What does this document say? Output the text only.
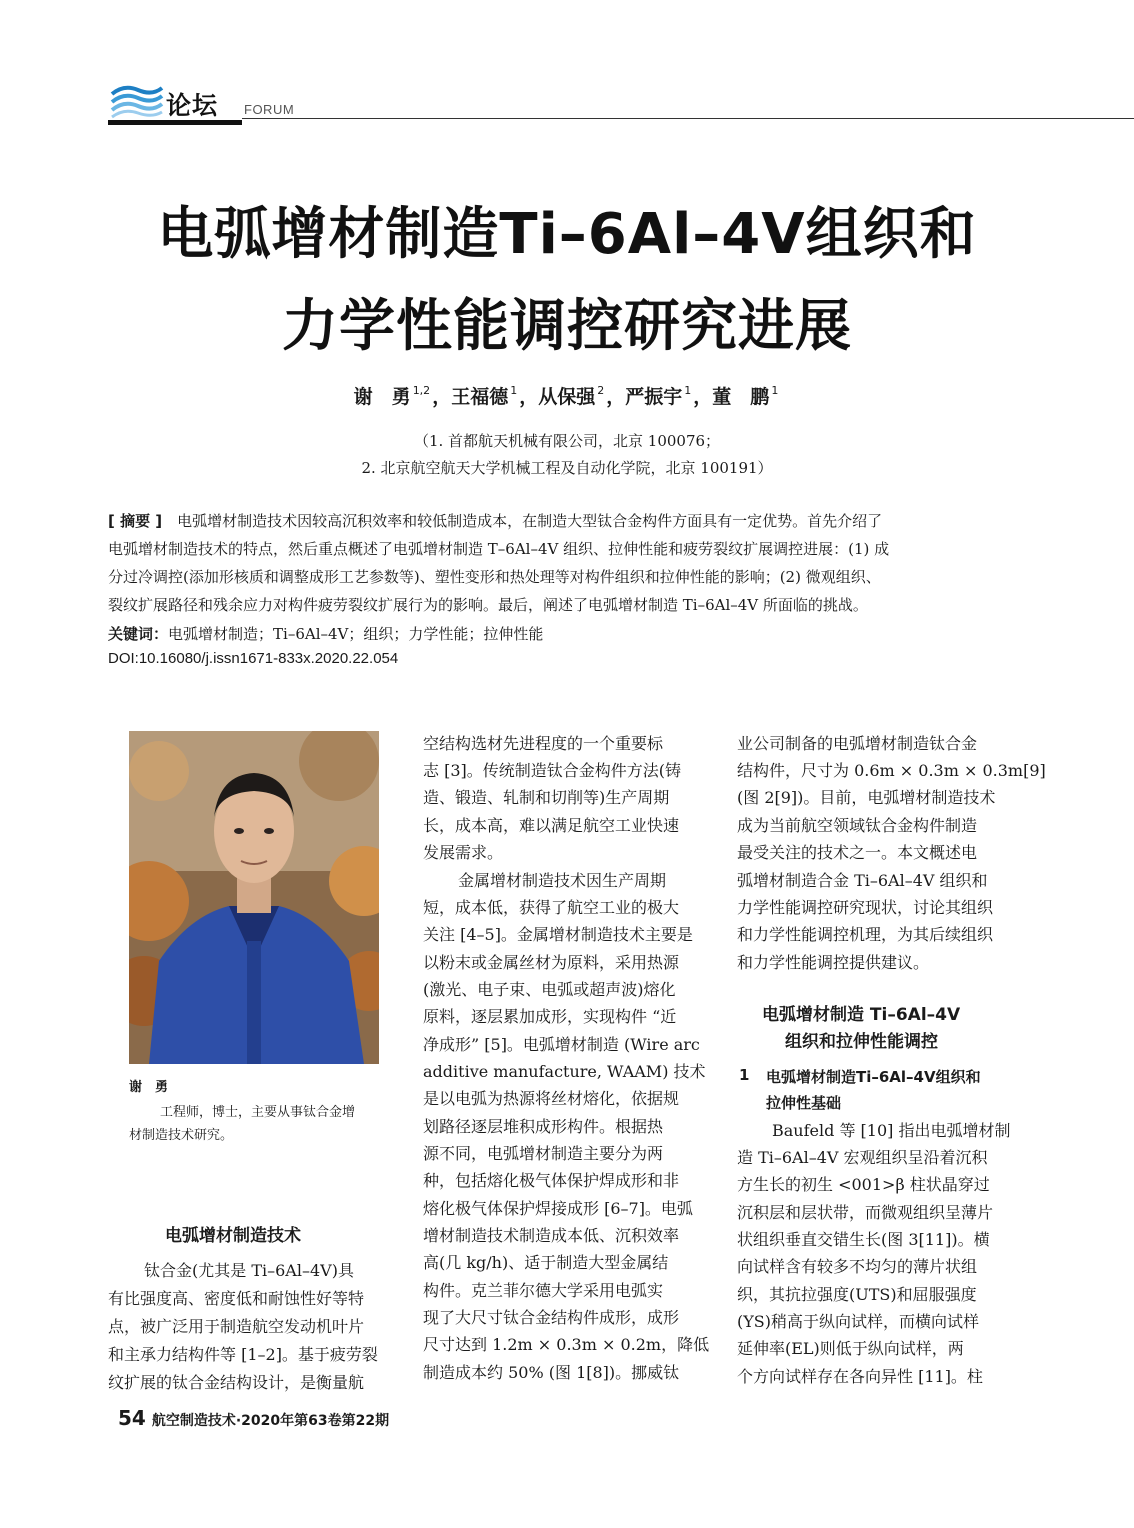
论坛 FORUM
电弧增材制造Ti–6Al–4V组织和
力学性能调控研究进展
谢　勇 $^{1,2}$ ，王福德 $^1$ ，从保强 $^2$ ，严振宇 $^1$ ，董　鹏 $^1$
（1. 首都航天机械有限公司，北京 100076；
2. 北京航空航天大学机械工程及自动化学院，北京 100191）
[ 摘要 ]　 电弧增材制造技术因较高沉积效率和较低制造成本，在制造大型钛合金构件方面具有一定优势。首先介绍了
电弧增材制造技术的特点，然后重点概述了电弧增材制造 T–6Al–4V 组织、拉伸性能和疲劳裂纹扩展调控进展：(1) 成
分过冷调控(添加形核质和调整成形工艺参数等)、塑性变形和热处理等对构件组织和拉伸性能的影响；(2) 微观组织、
裂纹扩展路径和残余应力对构件疲劳裂纹扩展行为的影响。最后，阐述了电弧增材制造 Ti–6Al–4V 所面临的挑战。
关键词：电弧增材制造；Ti–6Al–4V；组织；力学性能；拉伸性能
DOI:10.16080/j.issn1671-833x.2020.22.054
谢　勇
工程师，博士，主要从事钛合金增
材制造技术研究。
电弧增材制造技术
钛合金(尤其是 Ti–6Al–4V)具
有比强度高、密度低和耐蚀性好等特
点，被广泛用于制造航空发动机叶片
和主承力结构件等 [1–2]。基于疲劳裂
纹扩展的钛合金结构设计，是衡量航
空结构选材先进程度的一个重要标
志 [3]。传统制造钛合金构件方法(铸
造、锻造、轧制和切削等)生产周期
长，成本高，难以满足航空工业快速
发展需求。
金属增材制造技术因生产周期
短，成本低，获得了航空工业的极大
关注 [4–5]。金属增材制造技术主要是
以粉末或金属丝材为原料，采用热源
(激光、电子束、电弧或超声波)熔化
原料，逐层累加成形，实现构件 “近
净成形” [5]。电弧增材制造 (Wire arc
additive manufacture, WAAM) 技术
是以电弧为热源将丝材熔化，依据规
划路径逐层堆积成形构件。根据热
源不同，电弧增材制造主要分为两
种，包括熔化极气体保护焊成形和非
熔化极气体保护焊接成形 [6–7]。电弧
增材制造技术制造成本低、沉积效率
高(几 kg/h)、适于制造大型金属结
构件。克兰菲尔德大学采用电弧实
现了大尺寸钛合金结构件成形，成形
尺寸达到 1.2m × 0.3m × 0.2m，降低
制造成本约 50% (图 1[8])。挪威钛
业公司制备的电弧增材制造钛合金
结构件，尺寸为 0.6m × 0.3m × 0.3m[9]
(图 2[9])。目前，电弧增材制造技术
成为当前航空领域钛合金构件制造
最受关注的技术之一。本文概述电
弧增材制造合金 Ti–6Al–4V 组织和
力学性能调控研究现状，讨论其组织
和力学性能调控机理，为其后续组织
和力学性能调控提供建议。
电弧增材制造 Ti–6Al–4V
组织和拉伸性能调控
1 电弧增材制造Ti–6Al–4V组织和
拉伸性基础
Baufeld 等 [10] 指出电弧增材制
造 Ti–6Al–4V 宏观组织呈沿着沉积
方生长的初生 <001>β 柱状晶穿过
沉积层和层状带，而微观组织呈薄片
状组织垂直交错生长(图 3[11])。横
向试样含有较多不均匀的薄片状组
织，其抗拉强度(UTS)和屈服强度
(YS)稍高于纵向试样，而横向试样
延伸率(EL)则低于纵向试样，两
个方向试样存在各向异性 [11]。柱
54 航空制造技术·2020年第63卷第22期
